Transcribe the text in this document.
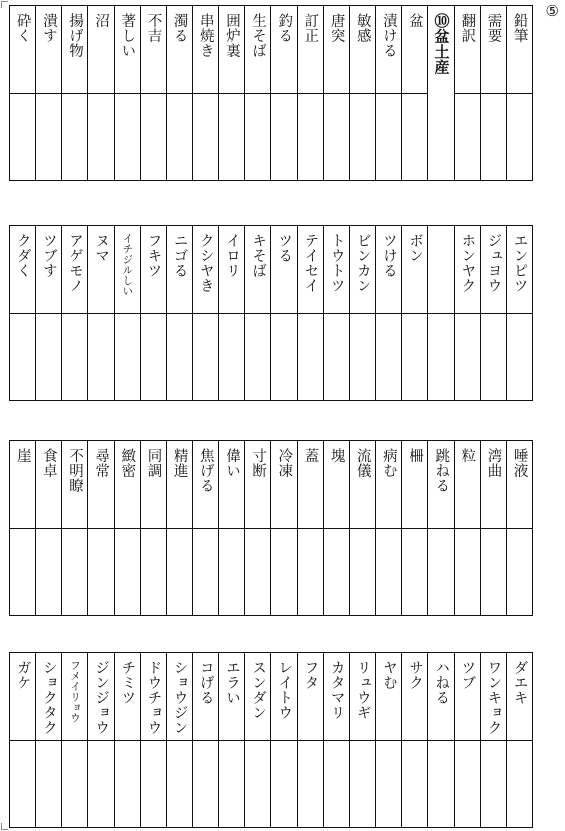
⑤
鉛筆
需要
翻訳
⑩盆土産
盆
漬ける
敏感
唐突
訂正
釣る
生そば
囲炉裏
串焼き
濁る
不吉
著しい
沼
揚げ物
潰す
砕く
エンピツ
ジュヨウ
ホンヤク
ボン
ツける
ビンカン
トウトツ
テイセイ
ツる
キそば
イロリ
クシヤき
ニゴる
フキツ
イチジルしい
ヌマ
アゲモノ
ツブす
クダく
唾液
湾曲
粒
跳ねる
柵
病む
流儀
塊
蓋
冷凍
寸断
偉い
焦げる
精進
同調
緻密
尋常
不明瞭
食卓
崖
ダエキ
ワンキョク
ツブ
ハねる
サク
ヤむ
リュウギ
カタマリ
フタ
レイトウ
スンダン
エラい
コげる
ショウジン
ドウチョウ
チミツ
ジンジョウ
フメイリョウ
ショクタク
ガケ
